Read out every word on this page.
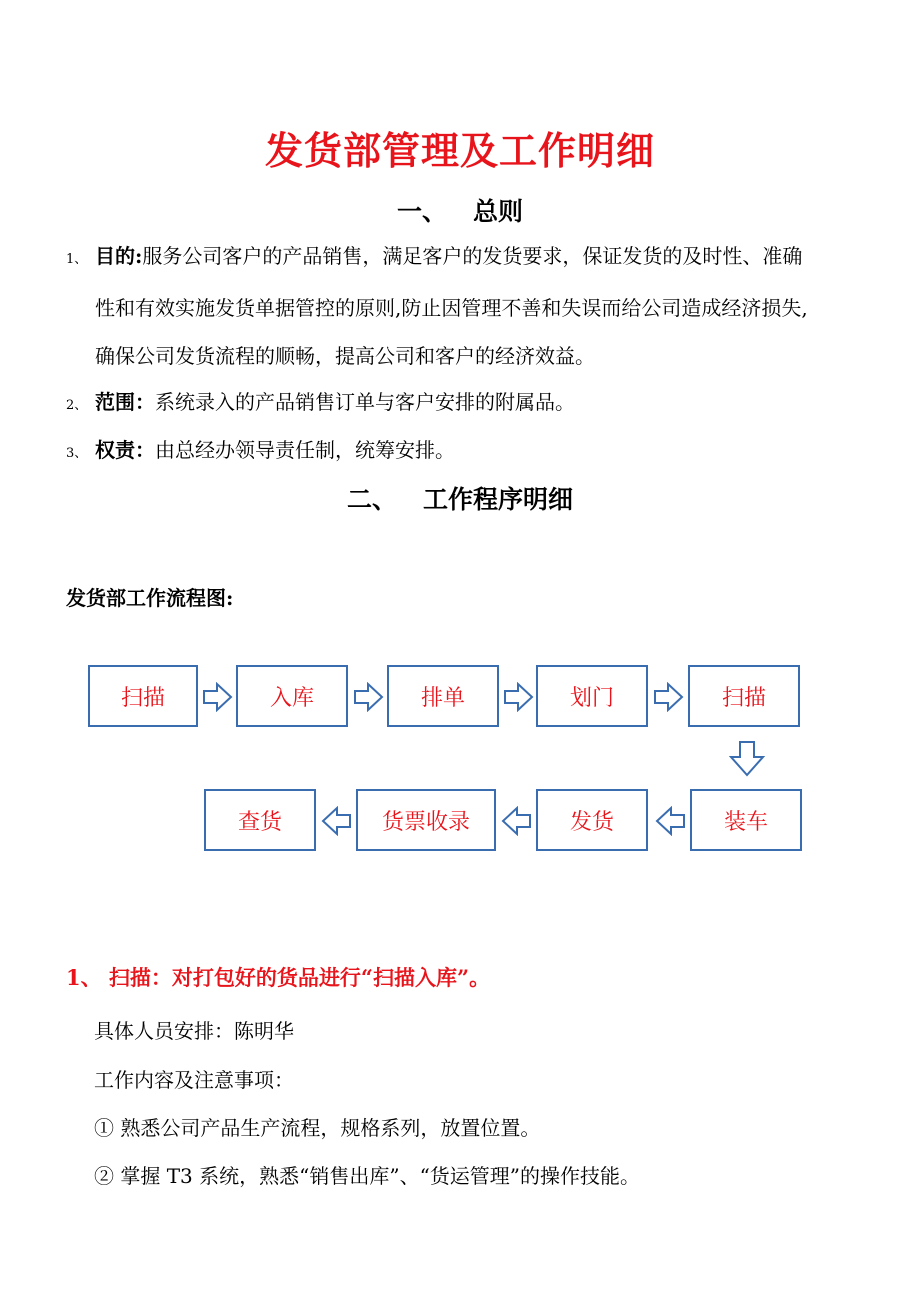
发货部管理及工作明细
一、   总则
1、 目的:服务公司客户的产品销售，满足客户的发货要求，保证发货的及时性、准确
性和有效实施发货单据管控的原则,防止因管理不善和失误而给公司造成经济损失,
确保公司发货流程的顺畅，提高公司和客户的经济效益。
2、 范围：系统录入的产品销售订单与客户安排的附属品。
3、 权责：由总经办领导责任制，统筹安排。
二、   工作程序明细
发货部工作流程图:
扫描	入库	排单	划门	扫描
装车
发货
货票收录
查货
1、 扫描：对打包好的货品进行“扫描入库”。
具体人员安排：陈明华
工作内容及注意事项：
① 熟悉公司产品生产流程，规格系列，放置位置。
② 掌握 T3 系统，熟悉“销售出库”、“货运管理”的操作技能。
